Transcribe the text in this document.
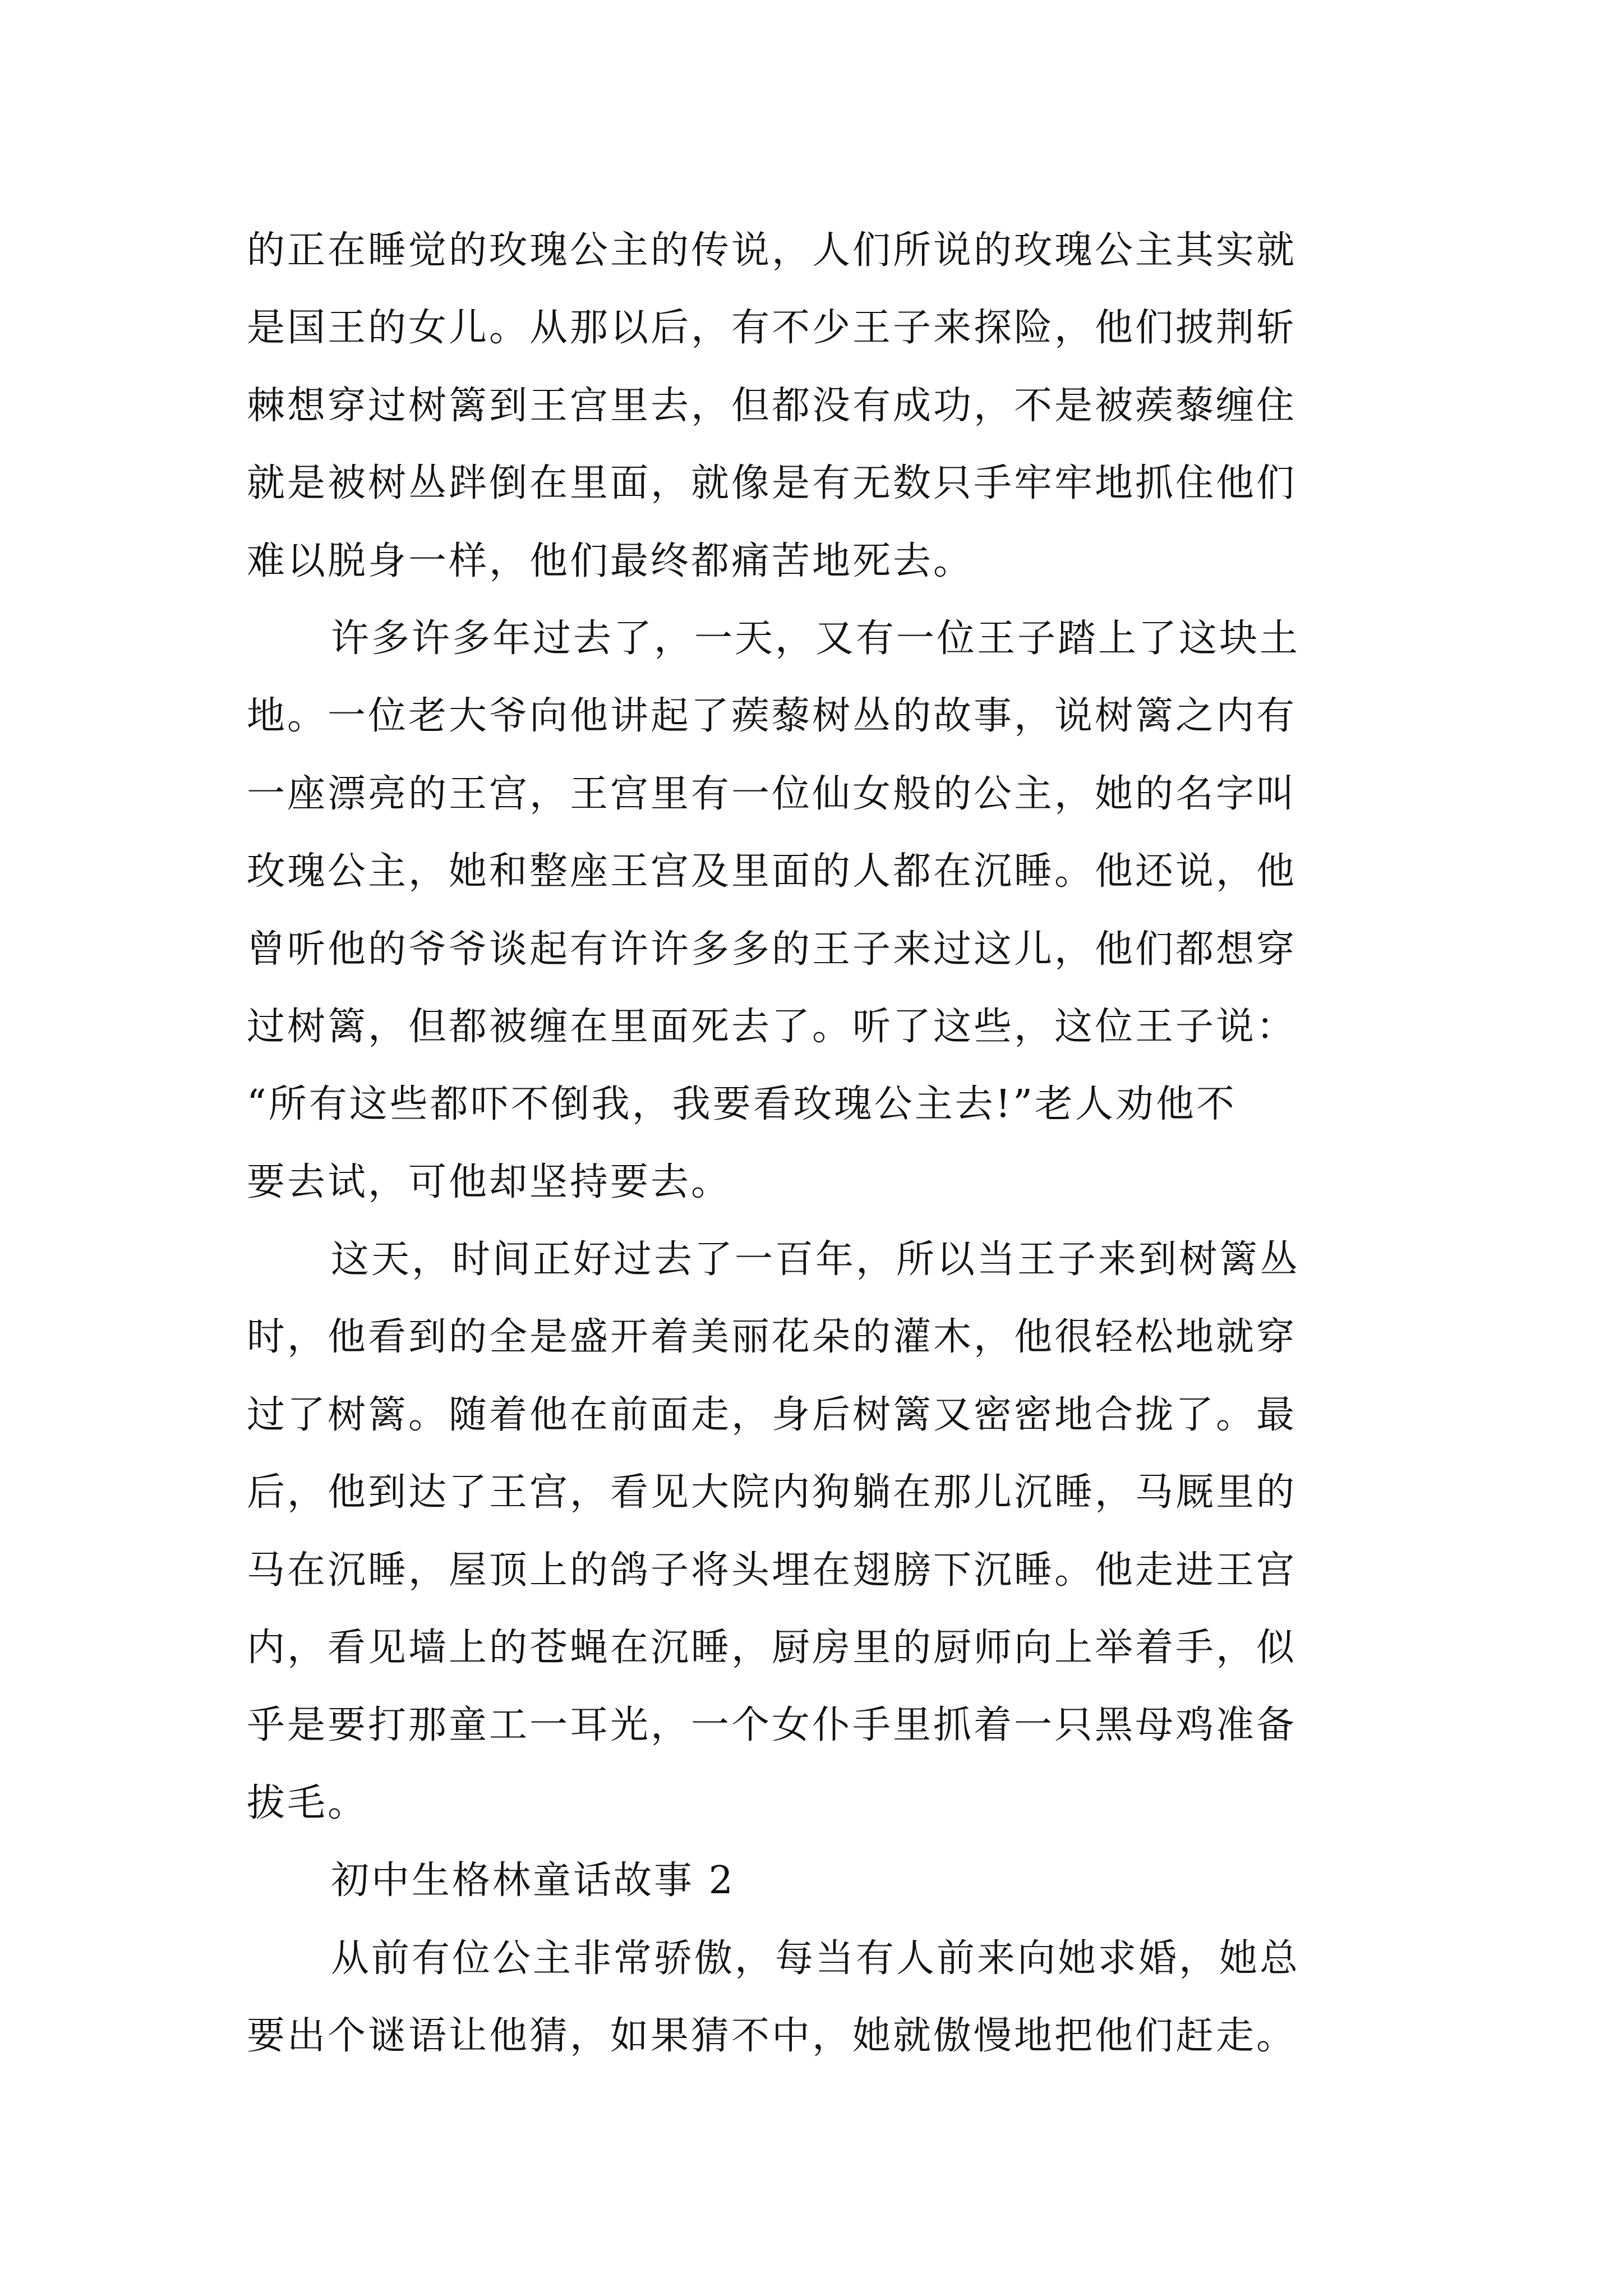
的正在睡觉的玫瑰公主的传说，人们所说的玫瑰公主其实就
是国王的女儿。从那以后，有不少王子来探险，他们披荆斩
棘想穿过树篱到王宫里去，但都没有成功，不是被蒺藜缠住
就是被树丛跘倒在里面，就像是有无数只手牢牢地抓住他们
难以脱身一样，他们最终都痛苦地死去。
许多许多年过去了，一天，又有一位王子踏上了这块土
地。一位老大爷向他讲起了蒺藜树丛的故事，说树篱之内有
一座漂亮的王宫，王宫里有一位仙女般的公主，她的名字叫
玫瑰公主，她和整座王宫及里面的人都在沉睡。他还说，他
曾听他的爷爷谈起有许许多多的王子来过这儿，他们都想穿
过树篱，但都被缠在里面死去了。听了这些，这位王子说：
“所有这些都吓不倒我，我要看玫瑰公主去!”老人劝他不
要去试，可他却坚持要去。
这天，时间正好过去了一百年，所以当王子来到树篱丛
时，他看到的全是盛开着美丽花朵的灌木，他很轻松地就穿
过了树篱。随着他在前面走，身后树篱又密密地合拢了。最
后，他到达了王宫，看见大院内狗躺在那儿沉睡，马厩里的
马在沉睡，屋顶上的鸽子将头埋在翅膀下沉睡。他走进王宫
内，看见墙上的苍蝇在沉睡，厨房里的厨师向上举着手，似
乎是要打那童工一耳光，一个女仆手里抓着一只黑母鸡准备
拔毛。
初中生格林童话故事 2
从前有位公主非常骄傲，每当有人前来向她求婚，她总
要出个谜语让他猜，如果猜不中，她就傲慢地把他们赶走。
